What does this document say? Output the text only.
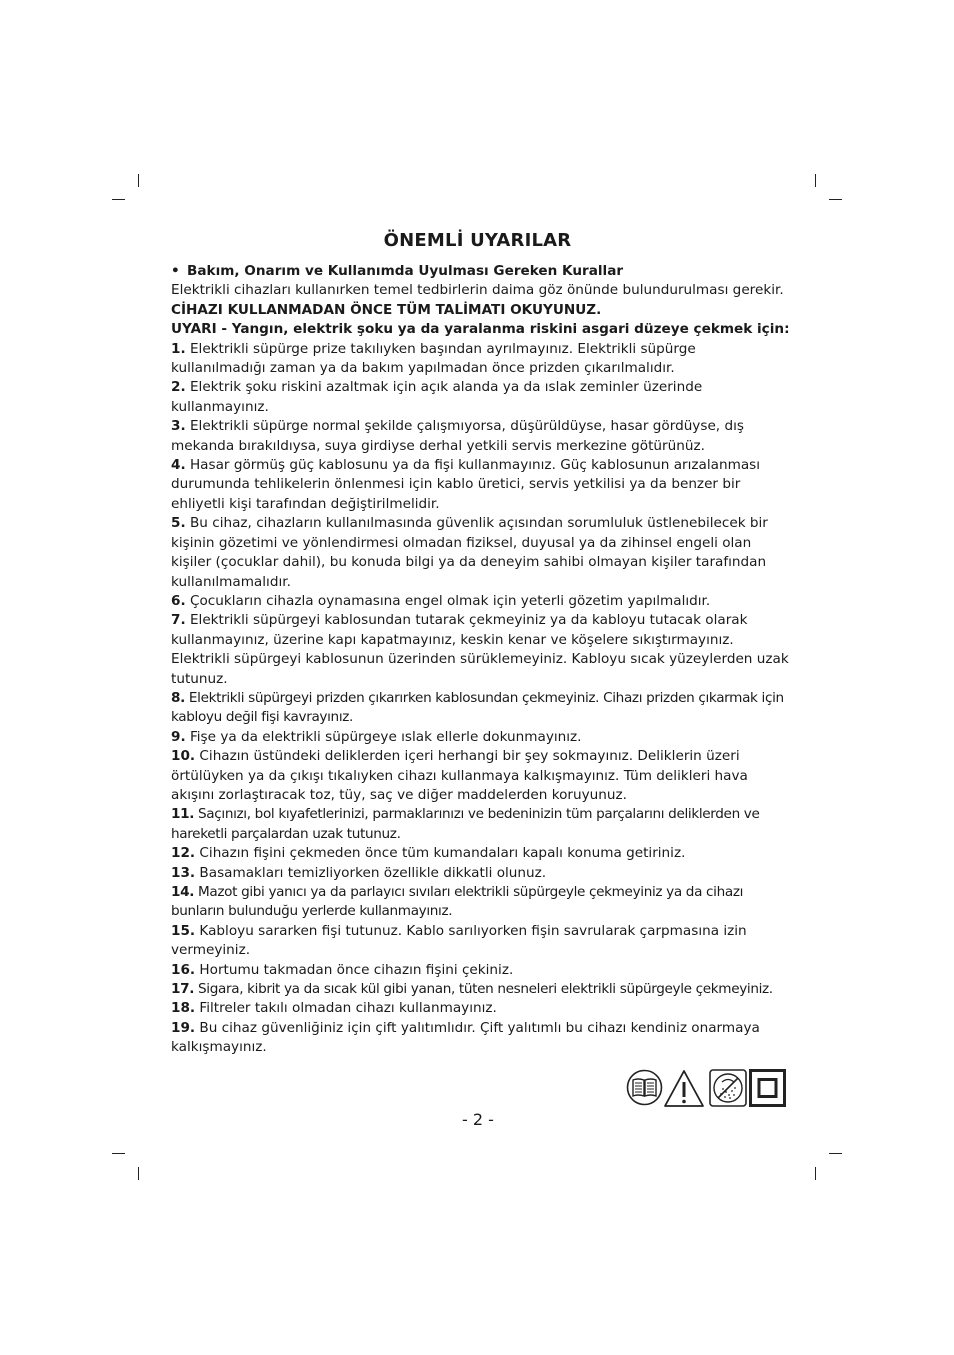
ÖNEMLİ UYARILAR

• Bakım, Onarım ve Kullanımda Uyulması Gereken Kurallar

Elektrikli cihazları kullanırken temel tedbirlerin daima göz önünde bulundurulması gerekir.

CİHAZI KULLANMADAN ÖNCE TÜM TALİMATI OKUYUNUZ.

UYARI - Yangın, elektrik şoku ya da yaralanma riskini asgari düzeye çekmek için:

1. Elektrikli süpürge prize takılıyken başından ayrılmayınız. Elektrikli süpürge kullanılmadığı zaman ya da bakım yapılmadan önce prizden çıkarılmalıdır.

2. Elektrik şoku riskini azaltmak için açık alanda ya da ıslak zeminler üzerinde kullanmayınız.

3. Elektrikli süpürge normal şekilde çalışmıyorsa, düşürüldüyse, hasar gördüyse, dış mekanda bırakıldıysa, suya girdiyse derhal yetkili servis merkezine götürünüz.

4. Hasar görmüş güç kablosunu ya da fişi kullanmayınız. Güç kablosunun arızalanması durumunda tehlikelerin önlenmesi için kablo üretici, servis yetkilisi ya da benzer bir ehliyetli kişi tarafından değiştirilmelidir.

5. Bu cihaz, cihazların kullanılmasında güvenlik açısından sorumluluk üstlenebilecek bir kişinin gözetimi ve yönlendirmesi olmadan fiziksel, duyusal ya da zihinsel engeli olan kişiler (çocuklar dahil), bu konuda bilgi ya da deneyim sahibi olmayan kişiler tarafından kullanılmamalıdır.

6. Çocukların cihazla oynamasına engel olmak için yeterli gözetim yapılmalıdır.

7. Elektrikli süpürgeyi kablosundan tutarak çekmeyiniz ya da kabloyu tutacak olarak kullanmayınız, üzerine kapı kapatmayınız, keskin kenar ve köşelere sıkıştırmayınız. Elektrikli süpürgeyi kablosunun üzerinden sürüklemeyiniz. Kabloyu sıcak yüzeylerden uzak tutunuz.

8. Elektrikli süpürgeyi prizden çıkarırken kablosundan çekmeyiniz. Cihazı prizden çıkarmak için kabloyu değil fişi kavrayınız.

9. Fişe ya da elektrikli süpürgeye ıslak ellerle dokunmayınız.

10. Cihazın üstündeki deliklerden içeri herhangi bir şey sokmayınız. Deliklerin üzeri örtülüyken ya da çıkışı tıkalıyken cihazı kullanmaya kalkışmayınız. Tüm delikleri hava akışını zorlaştıracak toz, tüy, saç ve diğer maddelerden koruyunuz.

11. Saçınızı, bol kıyafetlerinizi, parmaklarınızı ve bedeninizin tüm parçalarını deliklerden ve hareketli parçalardan uzak tutunuz.

12. Cihazın fişini çekmeden önce tüm kumandaları kapalı konuma getiriniz.

13. Basamakları temizliyorken özellikle dikkatli olunuz.

14. Mazot gibi yanıcı ya da parlayıcı sıvıları elektrikli süpürgeyle çekmeyiniz ya da cihazı bunların bulunduğu yerlerde kullanmayınız.

15. Kabloyu sararken fişi tutunuz. Kablo sarılıyorken fişin savrularak çarpmasına izin vermeyiniz.

16. Hortumu takmadan önce cihazın fişini çekiniz.

17. Sigara, kibrit ya da sıcak kül gibi yanan, tüten nesneleri elektrikli süpürgeyle çekmeyiniz.

18. Filtreler takılı olmadan cihazı kullanmayınız.

19. Bu cihaz güvenliğiniz için çift yalıtımlıdır. Çift yalıtımlı bu cihazı kendiniz onarmaya kalkışmayınız.

- 2 -
